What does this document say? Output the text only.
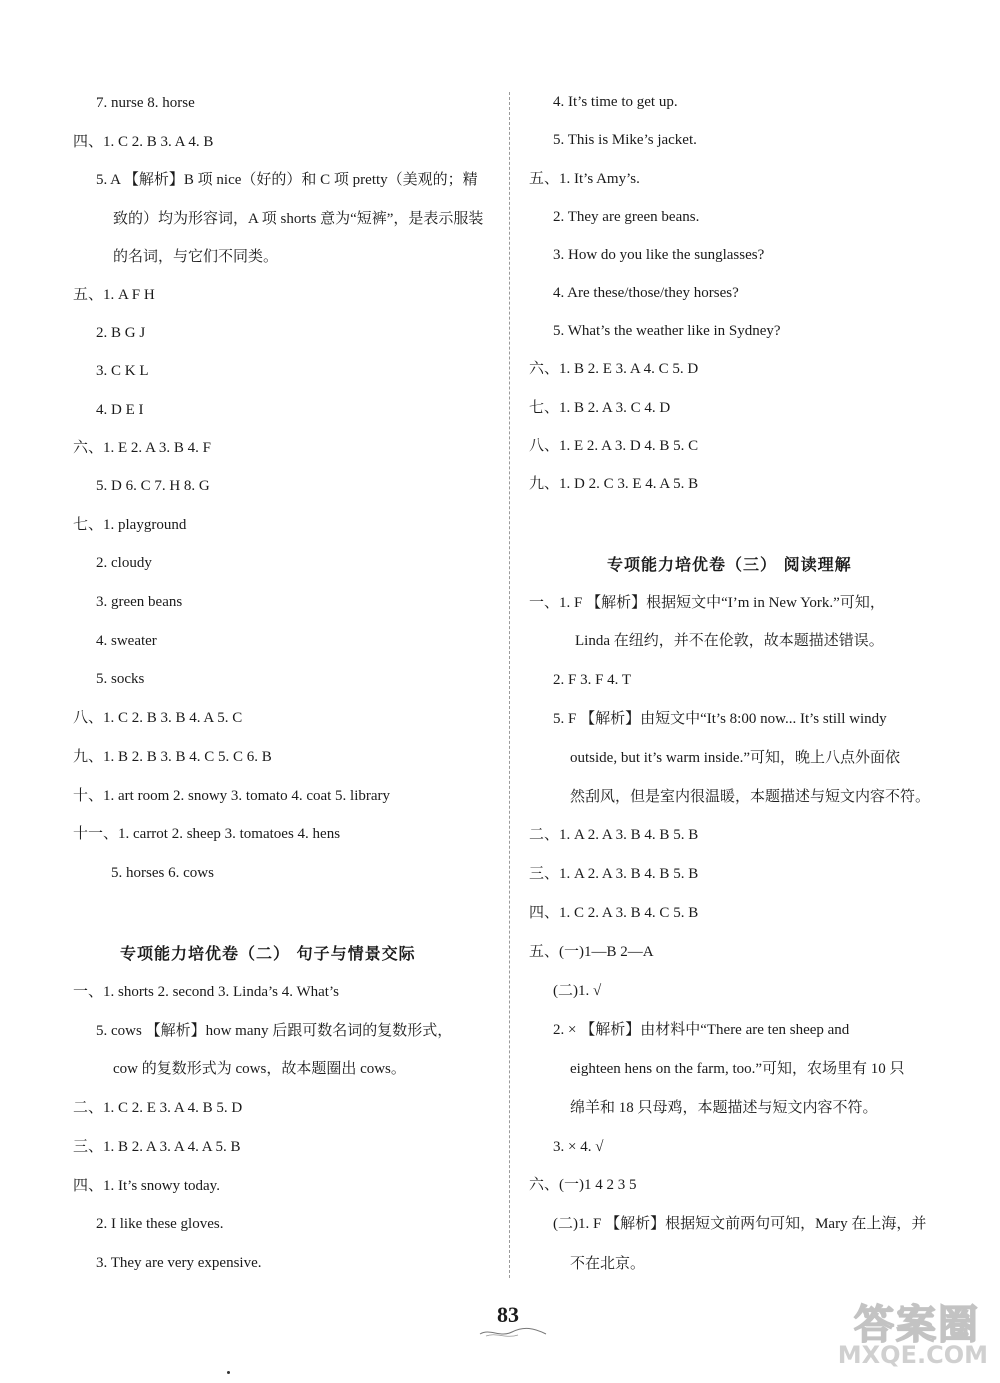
7. nurse 8. horse
四、1. C 2. B 3. A 4. B
5. A 【解析】B 项 nice（好的）和 C 项 pretty（美观的；精
致的）均为形容词，A 项 shorts 意为“短裤”，是表示服装
的名词，与它们不同类。
五、1. A F H
2. B G J
3. C K L
4. D E I
六、1. E 2. A 3. B 4. F
5. D 6. C 7. H 8. G
七、1. playground
2. cloudy
3. green beans
4. sweater
5. socks
八、1. C 2. B 3. B 4. A 5. C
九、1. B 2. B 3. B 4. C 5. C 6. B
十、1. art room 2. snowy 3. tomato 4. coat 5. library
十一、1. carrot 2. sheep 3. tomatoes 4. hens
5. horses 6. cows
专项能力培优卷（二） 句子与情景交际
一、1. shorts 2. second 3. Linda’s 4. What’s
5. cows 【解析】how many 后跟可数名词的复数形式，
cow 的复数形式为 cows，故本题圈出 cows。
二、1. C 2. E 3. A 4. B 5. D
三、1. B 2. A 3. A 4. A 5. B
四、1. It’s snowy today.
2. I like these gloves.
3. They are very expensive.
4. It’s time to get up.
5. This is Mike’s jacket.
五、1. It’s Amy’s.
2. They are green beans.
3. How do you like the sunglasses?
4. Are these/those/they horses?
5. What’s the weather like in Sydney?
六、1. B 2. E 3. A 4. C 5. D
七、1. B 2. A 3. C 4. D
八、1. E 2. A 3. D 4. B 5. C
九、1. D 2. C 3. E 4. A 5. B
专项能力培优卷（三） 阅读理解
一、1. F 【解析】根据短文中“I’m in New York.”可知，
Linda 在纽约，并不在伦敦，故本题描述错误。
2. F 3. F 4. T
5. F 【解析】由短文中“It’s 8:00 now... It’s still windy
outside, but it’s warm inside.”可知，晚上八点外面依
然刮风，但是室内很温暖，本题描述与短文内容不符。
二、1. A 2. A 3. B 4. B 5. B
三、1. A 2. A 3. B 4. B 5. B
四、1. C 2. A 3. B 4. C 5. B
五、(一)1—B 2—A
(二)1. √
2. × 【解析】由材料中“There are ten sheep and
eighteen hens on the farm, too.”可知，农场里有 10 只
绵羊和 18 只母鸡，本题描述与短文内容不符。
3. × 4. √
六、(一)1 4 2 3 5
(二)1. F 【解析】根据短文前两句可知，Mary 在上海，并
不在北京。
83	答案圈
MXQE.COM
